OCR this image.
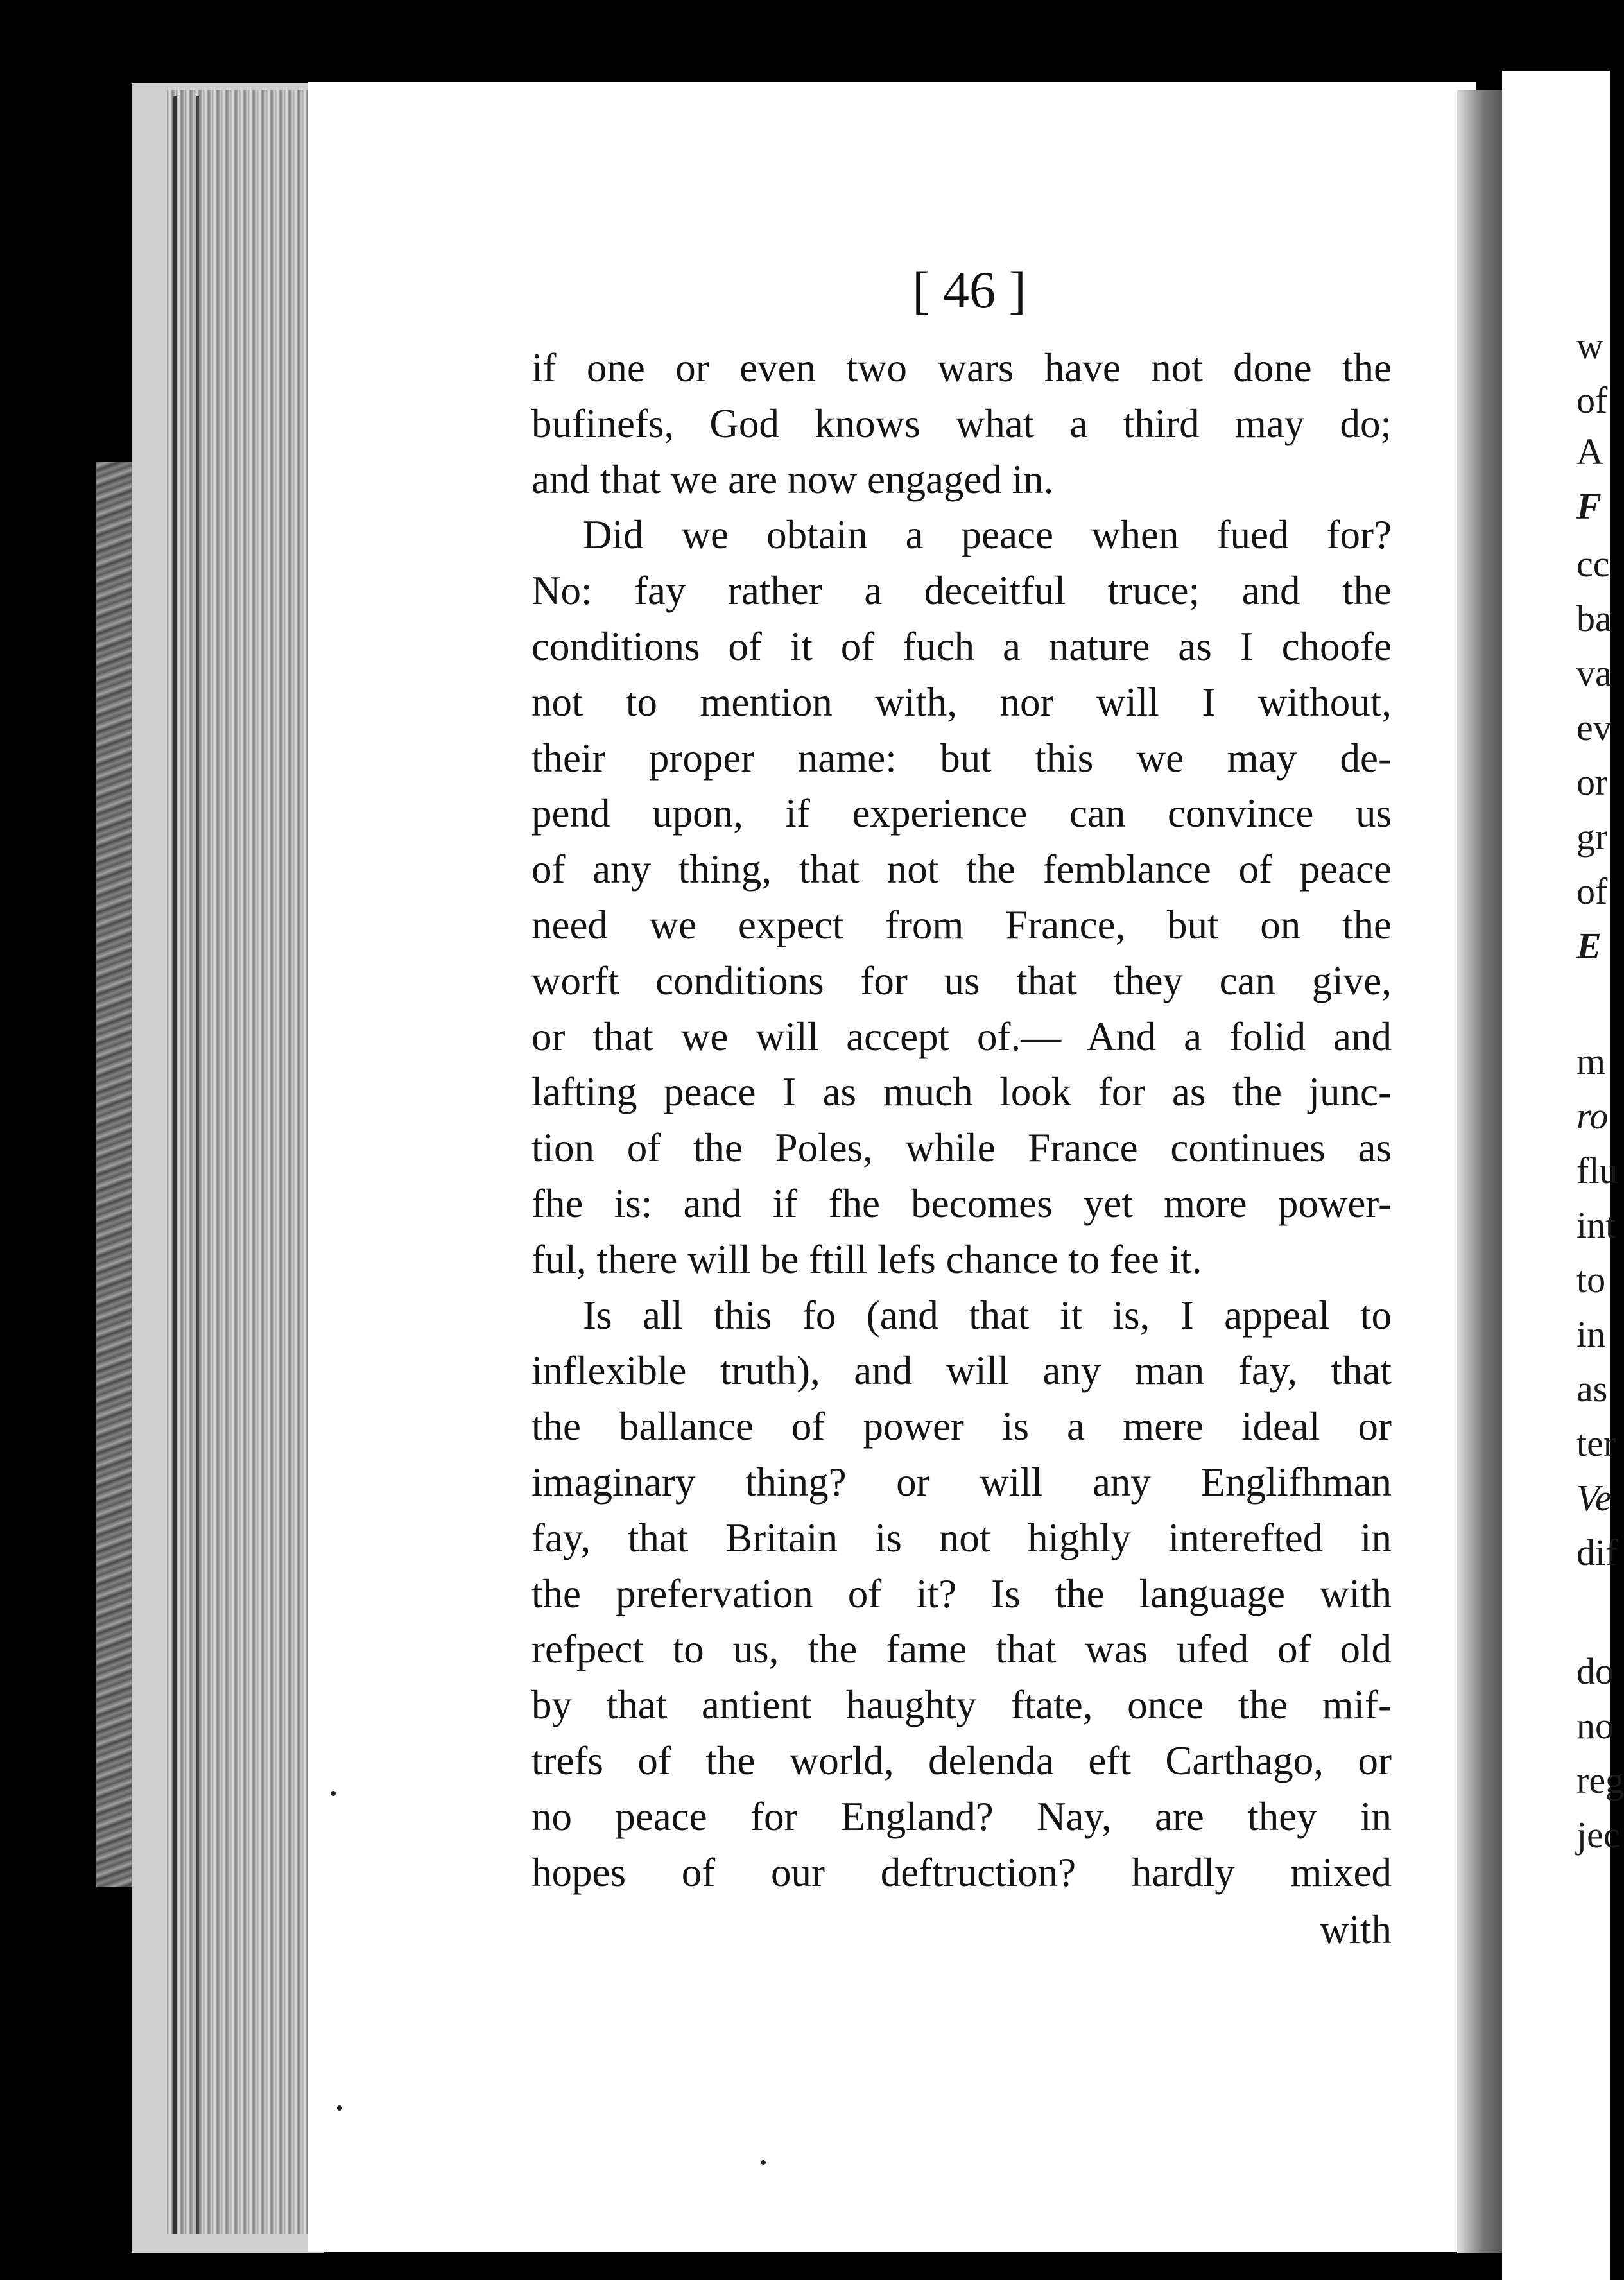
w
of
A
F
cc
ba
va
ev
or
gr
of
E
m
ro
flu
int
to
in
as
ter
Ve
dif
do
no
reg
jec
[ 46 ]
if one or even two wars have not done the
bufinefs, God knows what a third may do;
and that we are now engaged in.
Did we obtain a peace when fued for?
No: fay rather a deceitful truce; and the
conditions of it of fuch a nature as I choofe
not to mention with, nor will I without,
their proper name: but this we may de-
pend upon, if experience can convince us
of any thing, that not the femblance of peace
need we expect from France, but on the
worft conditions for us that they can give,
or that we will accept of.— And a folid and
lafting peace I as much look for as the junc-
tion of the Poles, while France continues as
fhe is: and if fhe becomes yet more power-
ful, there will be ftill lefs chance to fee it.
Is all this fo (and that it is, I appeal to
inflexible truth), and will any man fay, that
the ballance of power is a mere ideal or
imaginary thing? or will any Englifhman
fay, that Britain is not highly interefted in
the prefervation of it? Is the language with
refpect to us, the fame that was ufed of old
by that antient haughty ftate, once the mif-
trefs of the world, delenda eft Carthago, or
no peace for England? Nay, are they in
hopes of our deftruction? hardly mixed
with
